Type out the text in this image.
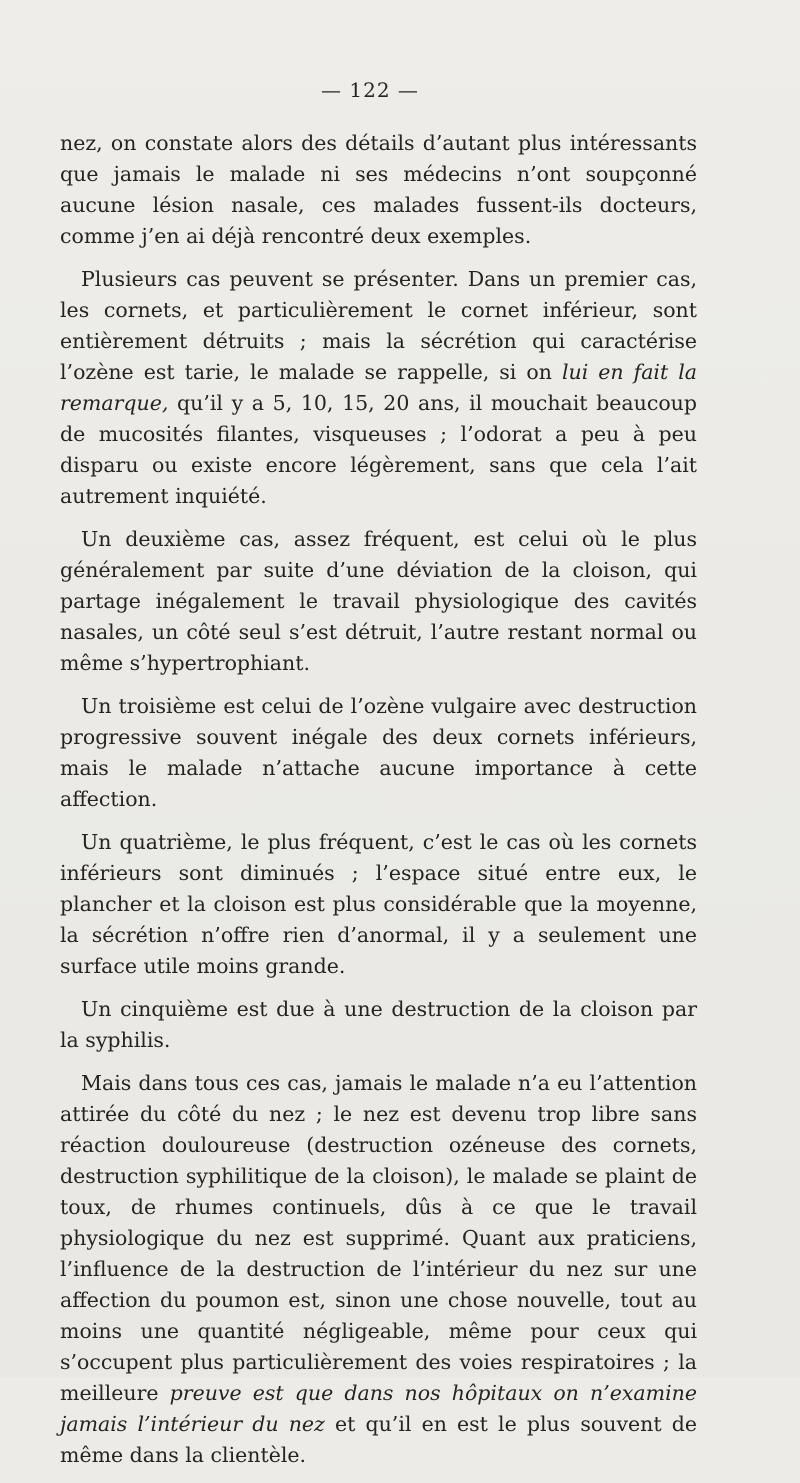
— 122 —

nez, on constate alors des détails d’autant plus intéressants que jamais le malade ni ses médecins n’ont soupçonné aucune lésion nasale, ces malades fussent-ils docteurs, comme j’en ai déjà rencontré deux exemples.

Plusieurs cas peuvent se présenter. Dans un premier cas, les cornets, et particulièrement le cornet inférieur, sont entièrement détruits ; mais la sécrétion qui caractérise l’ozène est tarie, le malade se rappelle, si on lui en fait la remarque, qu’il y a 5, 10, 15, 20 ans, il mouchait beaucoup de mucosités filantes, visqueuses ; l’odorat a peu à peu disparu ou existe encore légèrement, sans que cela l’ait autrement inquiété.

Un deuxième cas, assez fréquent, est celui où le plus généralement par suite d’une déviation de la cloison, qui partage inégalement le travail physiologique des cavités nasales, un côté seul s’est détruit, l’autre restant normal ou même s’hypertrophiant.

Un troisième est celui de l’ozène vulgaire avec destruction progressive souvent inégale des deux cornets inférieurs, mais le malade n’attache aucune importance à cette affection.

Un quatrième, le plus fréquent, c’est le cas où les cornets inférieurs sont diminués ; l’espace situé entre eux, le plancher et la cloison est plus considérable que la moyenne, la sécrétion n’offre rien d’anormal, il y a seulement une surface utile moins grande.

Un cinquième est due à une destruction de la cloison par la syphilis.

Mais dans tous ces cas, jamais le malade n’a eu l’attention attirée du côté du nez ; le nez est devenu trop libre sans réaction douloureuse (destruction ozéneuse des cornets, destruction syphilitique de la cloison), le malade se plaint de toux, de rhumes continuels, dûs à ce que le travail physiologique du nez est supprimé. Quant aux praticiens, l’influence de la destruction de l’intérieur du nez sur une affection du poumon est, sinon une chose nouvelle, tout au moins une quantité négligeable, même pour ceux qui s’occupent plus particulièrement des voies respiratoires ; la meilleure preuve est que dans nos hôpitaux on n’examine jamais l’intérieur du nez et qu’il en est le plus souvent de même dans la clientèle.
